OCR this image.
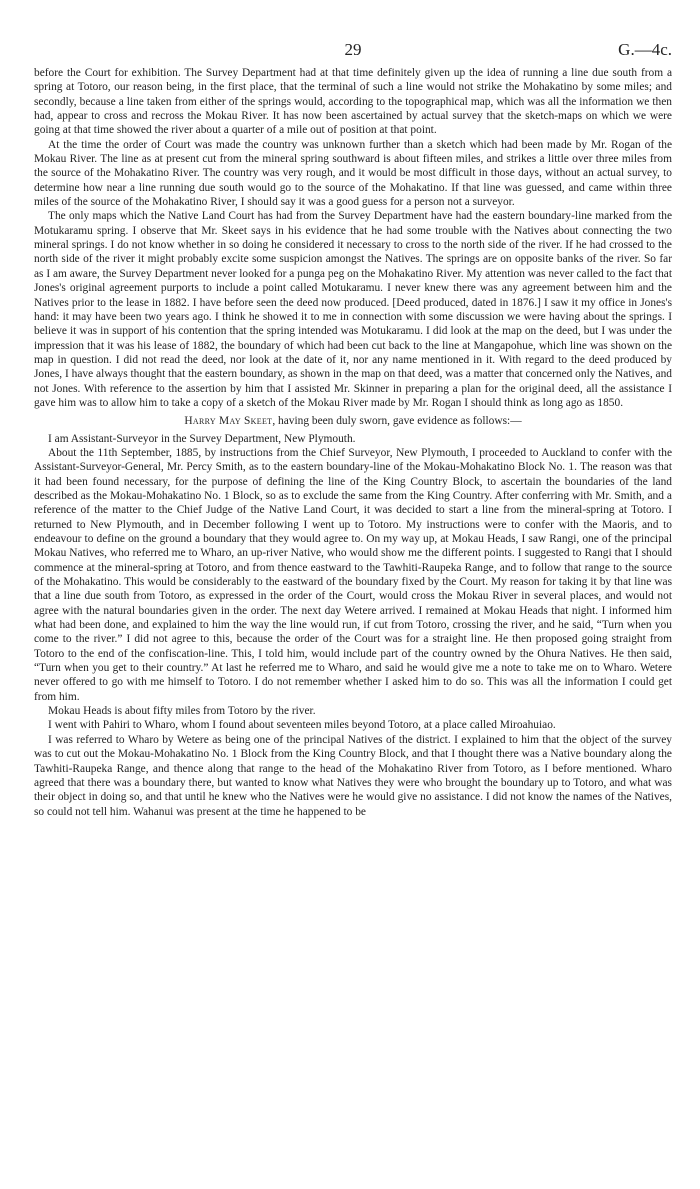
29	G.—4c.

before the Court for exhibition. The Survey Department had at that time definitely given up the idea of running a line due south from a spring at Totoro, our reason being, in the first place, that the terminal of such a line would not strike the Mohakatino by some miles; and secondly, because a line taken from either of the springs would, according to the topographical map, which was all the information we then had, appear to cross and recross the Mokau River. It has now been ascertained by actual survey that the sketch-maps on which we were going at that time showed the river about a quarter of a mile out of position at that point.

At the time the order of Court was made the country was unknown further than a sketch which had been made by Mr. Rogan of the Mokau River. The line as at present cut from the mineral spring southward is about fifteen miles, and strikes a little over three miles from the source of the Mohakatino River. The country was very rough, and it would be most difficult in those days, without an actual survey, to determine how near a line running due south would go to the source of the Mohakatino. If that line was guessed, and came within three miles of the source of the Mohakatino River, I should say it was a good guess for a person not a surveyor.

The only maps which the Native Land Court has had from the Survey Department have had the eastern boundary-line marked from the Motukaramu spring. I observe that Mr. Skeet says in his evidence that he had some trouble with the Natives about connecting the two mineral springs. I do not know whether in so doing he considered it necessary to cross to the north side of the river. If he had crossed to the north side of the river it might probably excite some suspicion amongst the Natives. The springs are on opposite banks of the river. So far as I am aware, the Survey Department never looked for a punga peg on the Mohakatino River. My attention was never called to the fact that Jones's original agreement purports to include a point called Motukaramu. I never knew there was any agreement between him and the Natives prior to the lease in 1882. I have before seen the deed now produced. [Deed produced, dated in 1876.] I saw it my office in Jones's hand: it may have been two years ago. I think he showed it to me in connection with some discussion we were having about the springs. I believe it was in support of his contention that the spring intended was Motukaramu. I did look at the map on the deed, but I was under the impression that it was his lease of 1882, the boundary of which had been cut back to the line at Mangapohue, which line was shown on the map in question. I did not read the deed, nor look at the date of it, nor any name mentioned in it. With regard to the deed produced by Jones, I have always thought that the eastern boundary, as shown in the map on that deed, was a matter that concerned only the Natives, and not Jones. With reference to the assertion by him that I assisted Mr. Skinner in preparing a plan for the original deed, all the assistance I gave him was to allow him to take a copy of a sketch of the Mokau River made by Mr. Rogan I should think as long ago as 1850.

Harry May Skeet, having been duly sworn, gave evidence as follows:—

I am Assistant-Surveyor in the Survey Department, New Plymouth.

About the 11th September, 1885, by instructions from the Chief Surveyor, New Plymouth, I proceeded to Auckland to confer with the Assistant-Surveyor-General, Mr. Percy Smith, as to the eastern boundary-line of the Mokau-Mohakatino Block No. 1. The reason was that it had been found necessary, for the purpose of defining the line of the King Country Block, to ascertain the boundaries of the land described as the Mokau-Mohakatino No. 1 Block, so as to exclude the same from the King Country. After conferring with Mr. Smith, and a reference of the matter to the Chief Judge of the Native Land Court, it was decided to start a line from the mineral-spring at Totoro. I returned to New Plymouth, and in December following I went up to Totoro. My instructions were to confer with the Maoris, and to endeavour to define on the ground a boundary that they would agree to. On my way up, at Mokau Heads, I saw Rangi, one of the principal Mokau Natives, who referred me to Wharo, an up-river Native, who would show me the different points. I suggested to Rangi that I should commence at the mineral-spring at Totoro, and from thence eastward to the Tawhiti-Raupeka Range, and to follow that range to the source of the Mohakatino. This would be considerably to the eastward of the boundary fixed by the Court. My reason for taking it by that line was that a line due south from Totoro, as expressed in the order of the Court, would cross the Mokau River in several places, and would not agree with the natural boundaries given in the order. The next day Wetere arrived. I remained at Mokau Heads that night. I informed him what had been done, and explained to him the way the line would run, if cut from Totoro, crossing the river, and he said, “Turn when you come to the river.” I did not agree to this, because the order of the Court was for a straight line. He then proposed going straight from Totoro to the end of the confiscation-line. This, I told him, would include part of the country owned by the Ohura Natives. He then said, “Turn when you get to their country.” At last he referred me to Wharo, and said he would give me a note to take me on to Wharo. Wetere never offered to go with me himself to Totoro. I do not remember whether I asked him to do so. This was all the information I could get from him.

Mokau Heads is about fifty miles from Totoro by the river.

I went with Pahiri to Wharo, whom I found about seventeen miles beyond Totoro, at a place called Miroahuiao.

I was referred to Wharo by Wetere as being one of the principal Natives of the district. I explained to him that the object of the survey was to cut out the Mokau-Mohakatino No. 1 Block from the King Country Block, and that I thought there was a Native boundary along the Tawhiti-Raupeka Range, and thence along that range to the head of the Mohakatino River from Totoro, as I before mentioned. Wharo agreed that there was a boundary there, but wanted to know what Natives they were who brought the boundary up to Totoro, and what was their object in doing so, and that until he knew who the Natives were he would give no assistance. I did not know the names of the Natives, so could not tell him. Wahanui was present at the time he happened to be
